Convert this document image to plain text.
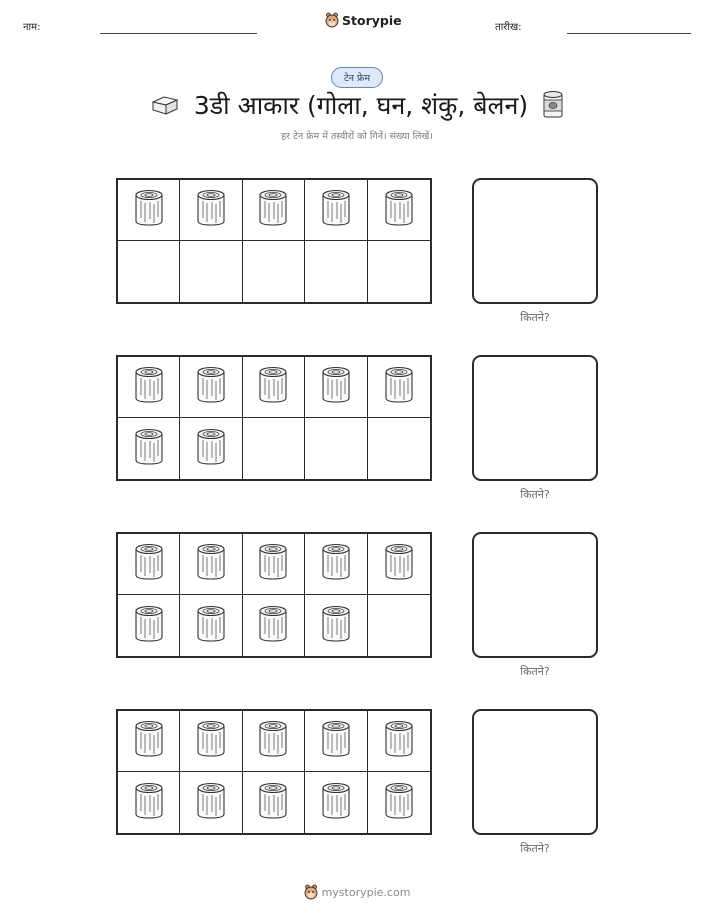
नाम:	Storypie	तारीख:
टेन फ्रेम
3डी आकार (गोला, घन, शंकु, बेलन)
हर टेन फ्रेम में तस्वीरों को गिनें। संख्या लिखें।
कितने?
कितने?
कितने?
कितने?
mystorypie.com
